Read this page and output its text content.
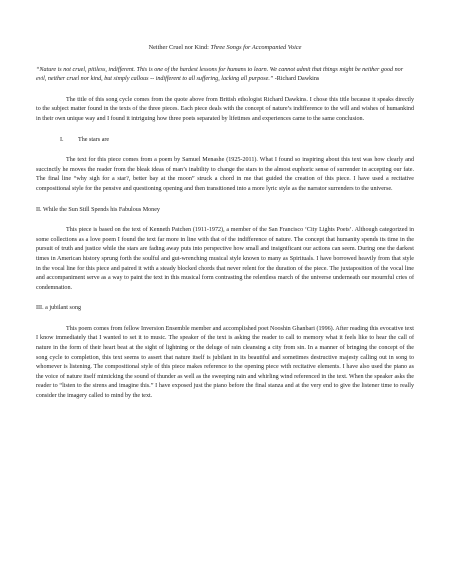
Neither Cruel nor Kind: Three Songs for Accompanied Voice
“Nature is not cruel, pitiless, indifferent. This is one of the hardest lessons for humans to learn. We cannot admit that things might be neither good nor evil, neither cruel nor kind, but simply callous -- indifferent to all suffering, lacking all purpose.” -Richard Dawkins

The title of this song cycle comes from the quote above from British ethologist Richard Dawkins. I chose this title because it speaks directly to the subject matter found in the texts of the three pieces. Each piece deals with the concept of nature’s indifference to the will and wishes of humankind in their own unique way and I found it intriguing how three poets separated by lifetimes and experiences came to the same conclusion.

I. The stars are

The text for this piece comes from a poem by Samuel Menashe (1925-2011). What I found so inspiring about this text was how clearly and succinctly he moves the reader from the bleak ideas of man’s inability to change the stars to the almost euphoric sense of surrender in accepting our fate. The final line “why sigh for a star?, better bay at the moon” struck a chord in me that guided the creation of this piece. I have used a recitative compositional style for the pensive and questioning opening and then transitioned into a more lyric style as the narrator surrenders to the universe.

II. While the Sun Still Spends his Fabulous Money

This piece is based on the text of Kenneth Patchen (1911-1972), a member of the San Francisco ‘City Lights Poets’. Although categorized in some collections as a love poem I found the text far more in line with that of the indifference of nature. The concept that humanity spends its time in the pursuit of truth and justice while the stars are fading away puts into perspective how small and insignificant our actions can seem. During one the darkest times in American history sprung forth the soulful and gut-wrenching musical style known to many as Spirituals. I have borrowed heavily from that style in the vocal line for this piece and paired it with a steady blocked chords that never relent for the duration of the piece. The juxtaposition of the vocal line and accompaniment serve as a way to paint the text in this musical form contrasting the relentless march of the universe underneath our mournful cries of condemnation.

III. a jubilant song

This poem comes from fellow Inversion Ensemble member and accomplished poet Nooshin Ghanbari (1996). After reading this evocative text I know immediately that I wanted to set it to music. The speaker of the text is asking the reader to call to memory what it feels like to hear the call of nature in the form of their heart beat at the sight of lightning or the deluge of rain cleansing a city from sin. In a manner of bringing the concept of the song cycle to completion, this text seems to assert that nature itself is jubilant in its beautiful and sometimes destructive majesty calling out in song to whomever is listening. The compositional style of this piece makes reference to the opening piece with recitative elements. I have also used the piano as the voice of nature itself mimicking the sound of thunder as well as the sweeping rain and whirling wind referenced in the text. When the speaker asks the reader to “listen to the sirens and imagine this.” I have exposed just the piano before the final stanza and at the very end to give the listener time to really consider the imagery called to mind by the text.
